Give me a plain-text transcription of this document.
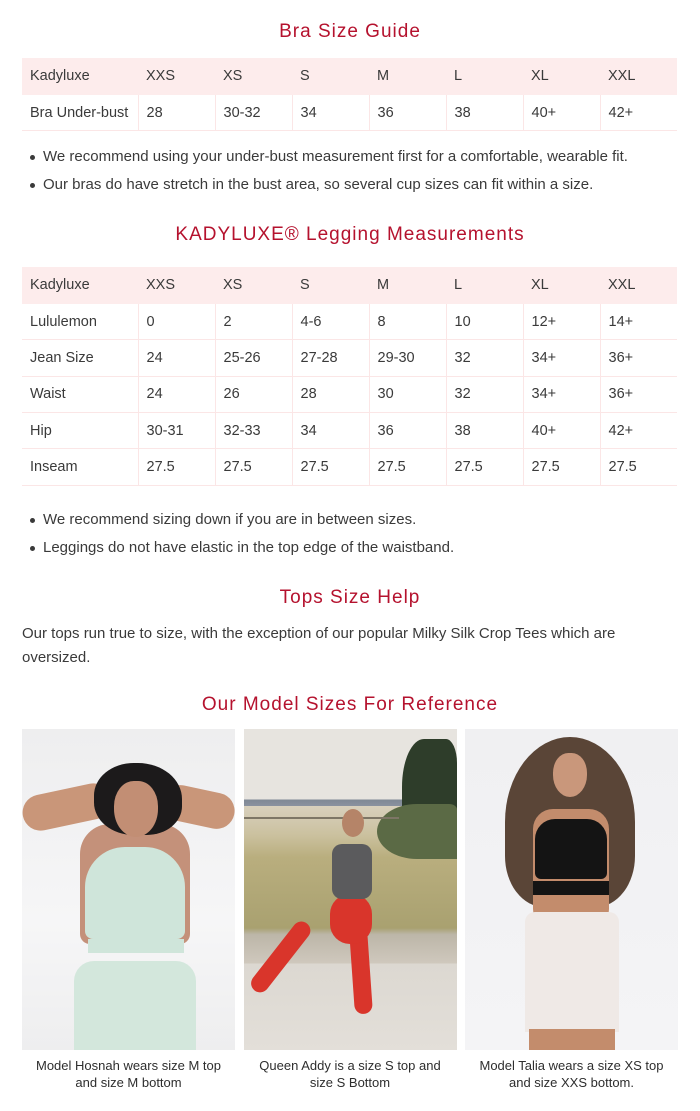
Bra Size Guide
Kadyluxe	XXS	XS	S	M	L	XL	XXL
Bra Under-bust	28	30-32	34	36	38	40+	42+
We recommend using your under-bust measurement first for a comfortable, wearable fit.
Our bras do have stretch in the bust area, so several cup sizes can fit within a size.
KADYLUXE® Legging Measurements
Kadyluxe	XXS	XS	S	M	L	XL	XXL
Lululemon	0	2	4-6	8	10	12+	14+
Jean Size	24	25-26	27-28	29-30	32	34+	36+
Waist	24	26	28	30	32	34+	36+
Hip	30-31	32-33	34	36	38	40+	42+
Inseam	27.5	27.5	27.5	27.5	27.5	27.5	27.5
We recommend sizing down if you are in between sizes.
Leggings do not have elastic in the top edge of the waistband.
Tops Size Help

Our tops run true to size, with the exception of our popular Milky Silk Crop Tees which are oversized.

Our Model Sizes For Reference

Model Hosnah wears size M top and size M bottom

Queen Addy is a size S top and size S Bottom

Model Talia wears a size XS top and size XXS bottom.
